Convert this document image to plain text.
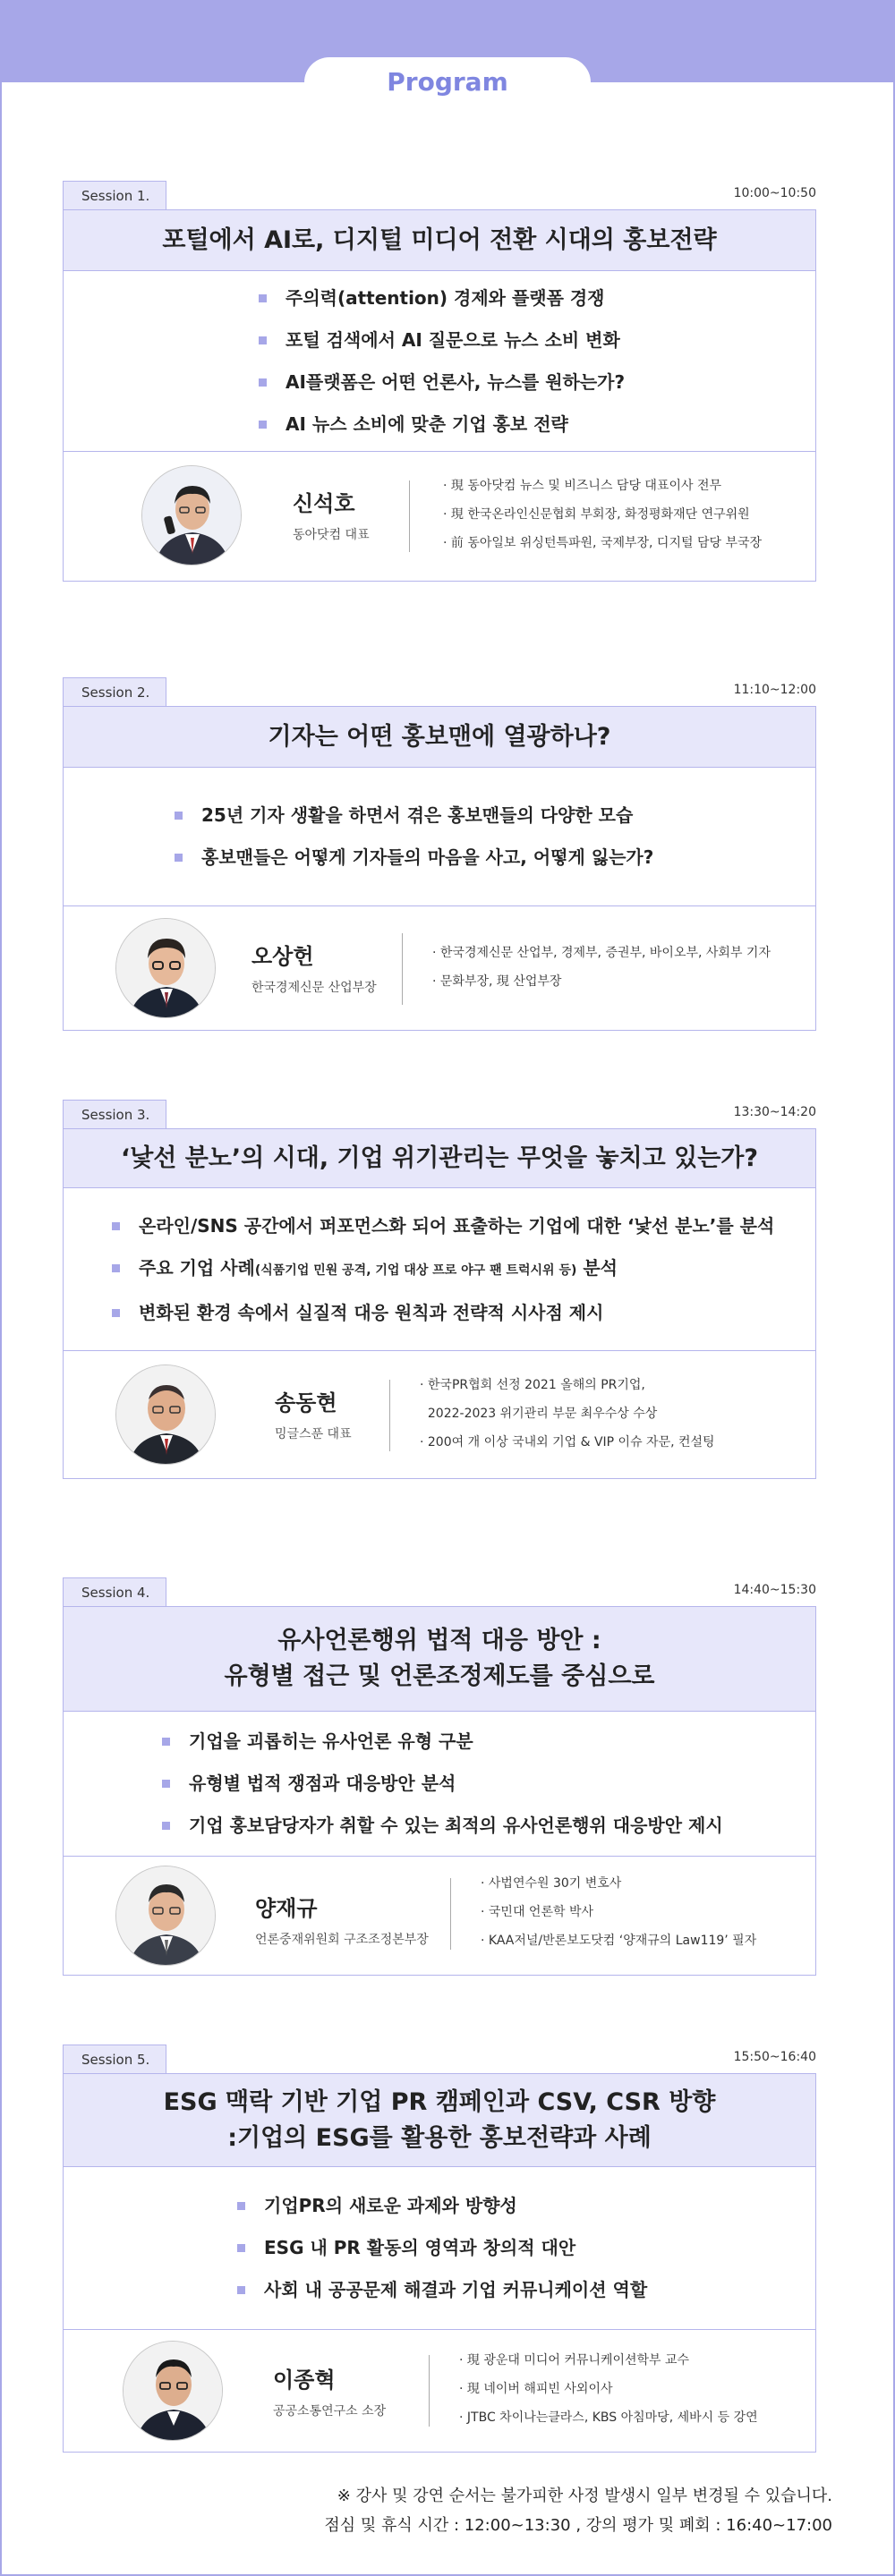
Program
Session 1.	10:00~10:50
포털에서 AI로, 디지털 미디어 전환 시대의 홍보전략
주의력(attention) 경제와 플랫폼 경쟁
포털 검색에서 AI 질문으로 뉴스 소비 변화
AI플랫폼은 어떤 언론사, 뉴스를 원하는가?
AI 뉴스 소비에 맞춘 기업 홍보 전략
신석호
동아닷컴 대표
· 現 동아닷컴 뉴스 및 비즈니스 담당 대표이사 전무
· 現 한국온라인신문협회 부회장, 화정평화재단 연구위원
· 前 동아일보 위싱턴특파원, 국제부장, 디지털 담당 부국장
Session 2.	11:10~12:00
기자는 어떤 홍보맨에 열광하나?
25년 기자 생활을 하면서 겪은 홍보맨들의 다양한 모습
홍보맨들은 어떻게 기자들의 마음을 사고, 어떻게 잃는가?
오상헌
한국경제신문 산업부장
· 한국경제신문 산업부, 경제부, 증권부, 바이오부, 사회부 기자
· 문화부장, 現 산업부장
Session 3.	13:30~14:20
‘낯선 분노’의 시대, 기업 위기관리는 무엇을 놓치고 있는가?
온라인/SNS 공간에서 퍼포먼스화 되어 표출하는 기업에 대한 ‘낯선 분노’를 분석
주요 기업 사례(식품기업 민원 공격, 기업 대상 프로 야구 팬 트럭시위 등) 분석
변화된 환경 속에서 실질적 대응 원칙과 전략적 시사점 제시
송동현
밍글스푼 대표
· 한국PR협회 선정 2021 올해의 PR기업,
2022-2023 위기관리 부문 최우수상 수상
· 200여 개 이상 국내외 기업 & VIP 이슈 자문, 컨설팅
Session 4.	14:40~15:30
유사언론행위 법적 대응 방안 :
유형별 접근 및 언론조정제도를 중심으로
기업을 괴롭히는 유사언론 유형 구분
유형별 법적 쟁점과 대응방안 분석
기업 홍보담당자가 취할 수 있는 최적의 유사언론행위 대응방안 제시
양재규
언론중재위원회 구조조정본부장
· 사법연수원 30기 변호사
· 국민대 언론학 박사
· KAA저널/반론보도닷컴 ‘양재규의 Law119’ 필자
Session 5.	15:50~16:40
ESG 맥락 기반 기업 PR 캠페인과 CSV, CSR 방향
:기업의 ESG를 활용한 홍보전략과 사례
기업PR의 새로운 과제와 방향성
ESG 내 PR 활동의 영역과 창의적 대안
사회 내 공공문제 해결과 기업 커뮤니케이션 역할
이종혁
공공소통연구소 소장
· 現 광운대 미디어 커뮤니케이션학부 교수
· 現 네이버 해피빈 사외이사
· JTBC 차이나는클라스, KBS 아침마당, 세바시 등 강연
※ 강사 및 강연 순서는 불가피한 사정 발생시 일부 변경될 수 있습니다.
점심 및 휴식 시간 : 12:00~13:30 , 강의 평가 및 폐회 : 16:40~17:00
